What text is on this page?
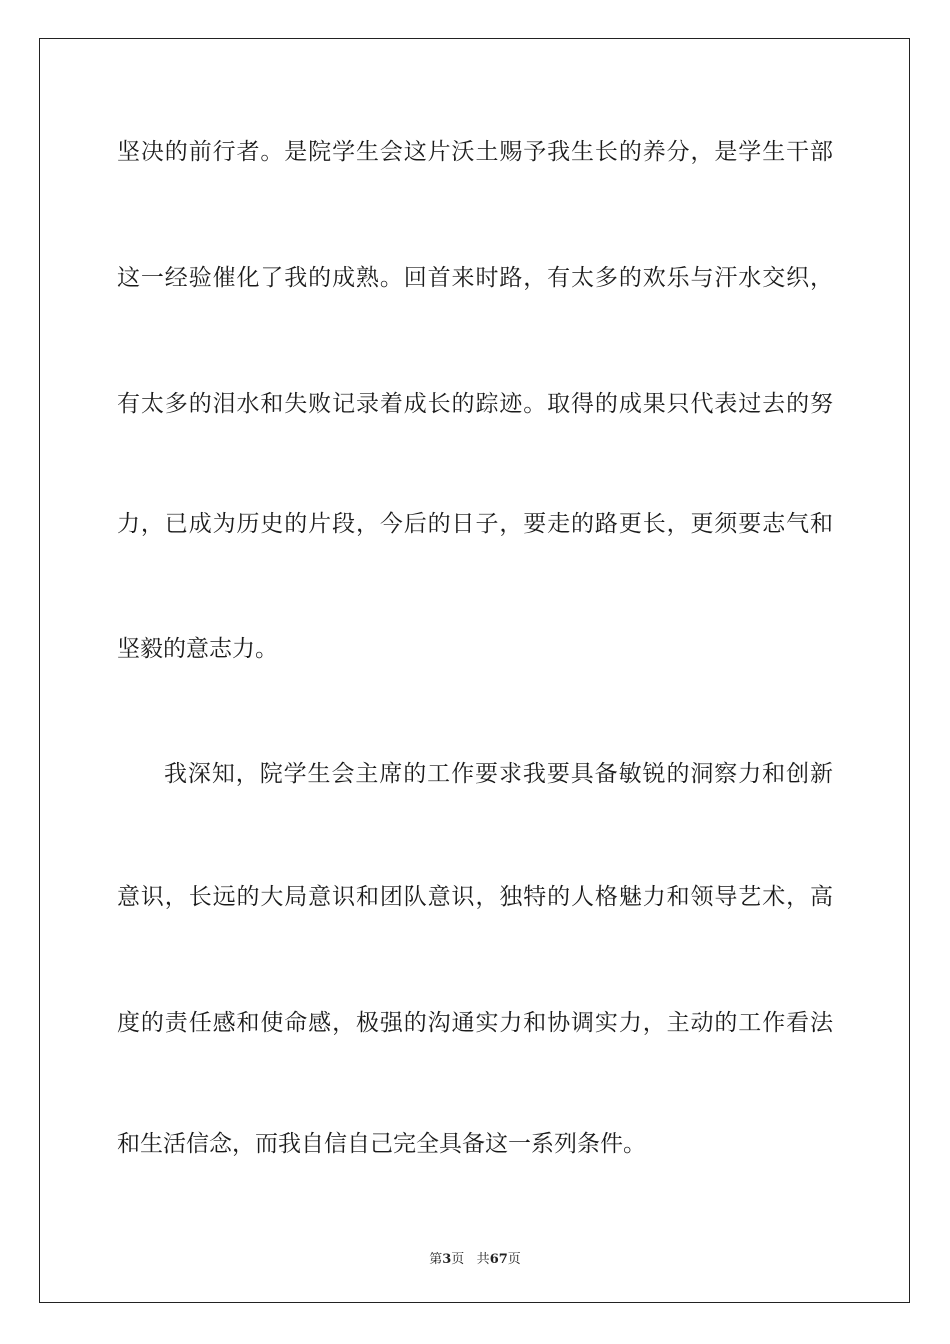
坚决的前行者。是院学生会这片沃土赐予我生长的养分，是学生干部
这一经验催化了我的成熟。回首来时路，有太多的欢乐与汗水交织，
有太多的泪水和失败记录着成长的踪迹。取得的成果只代表过去的努
力，已成为历史的片段，今后的日子，要走的路更长，更须要志气和
坚毅的意志力。
我深知，院学生会主席的工作要求我要具备敏锐的洞察力和创新
意识，长远的大局意识和团队意识，独特的人格魅力和领导艺术，高
度的责任感和使命感，极强的沟通实力和协调实力，主动的工作看法
和生活信念，而我自信自己完全具备这一系列条件。
第3页 共67页
